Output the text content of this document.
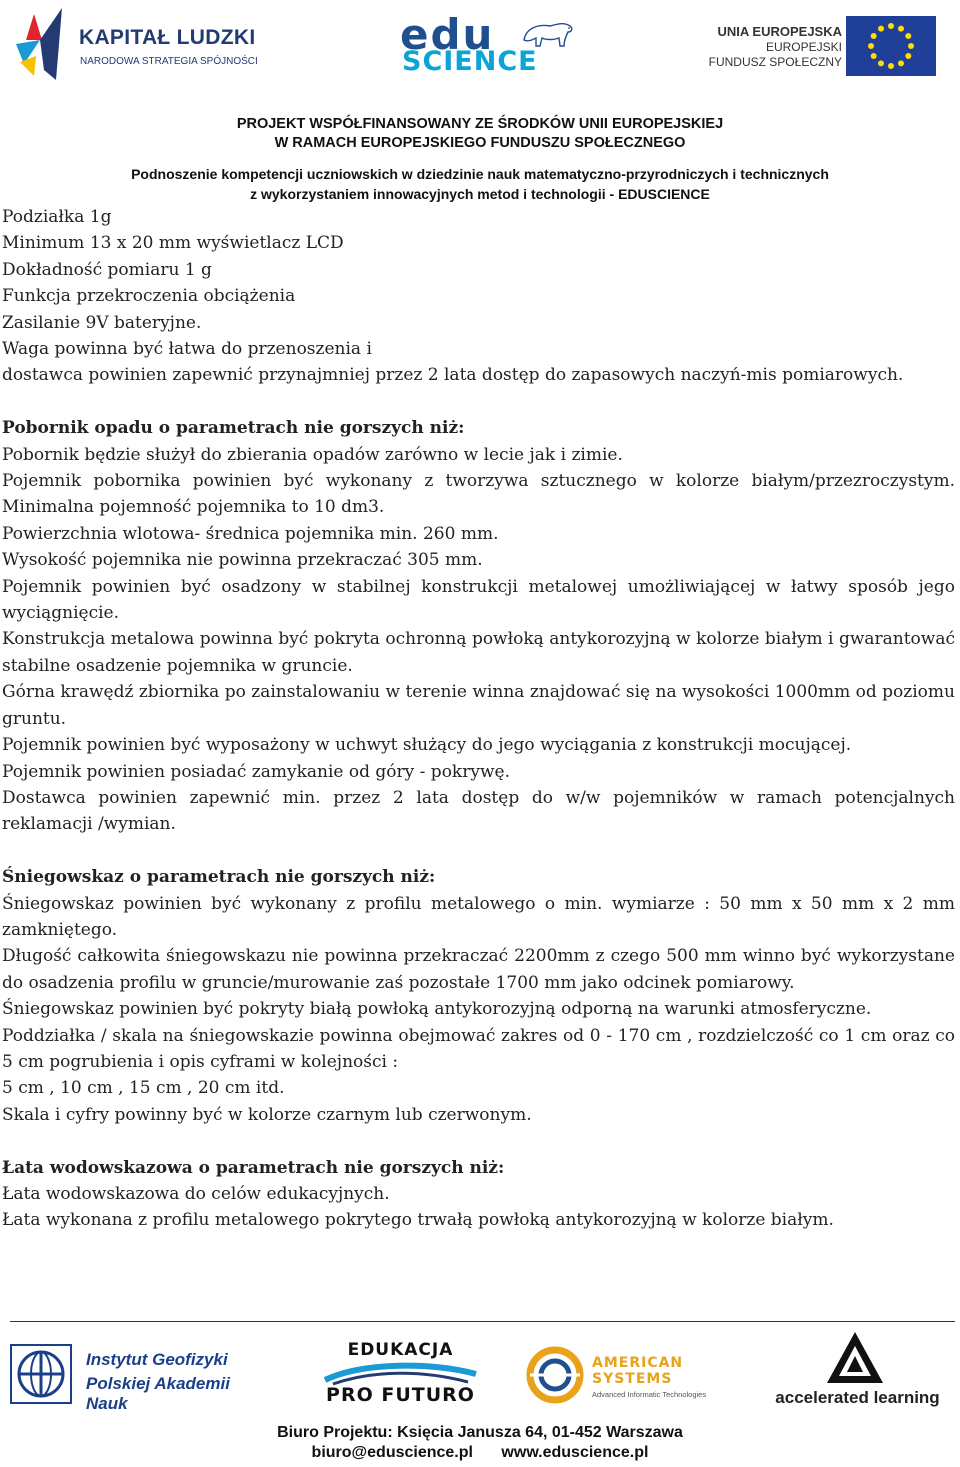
KAPITAŁ LUDZKI
NARODOWA STRATEGIA SPÓJNOŚCI
edu
SCIENCE
UNIA EUROPEJSKA
EUROPEJSKI
FUNDUSZ SPOŁECZNY
PROJEKT WSPÓŁFINANSOWANY ZE ŚRODKÓW UNII EUROPEJSKIEJ
W RAMACH EUROPEJSKIEGO FUNDUSZU SPOŁECZNEGO
Podnoszenie kompetencji uczniowskich w dziedzinie nauk matematyczno-przyrodniczych i technicznych
z wykorzystaniem innowacyjnych metod i technologii - EDUSCIENCE

Podziałka 1g

Minimum 13 x 20 mm wyświetlacz LCD

Dokładność pomiaru 1 g

Funkcja przekroczenia obciążenia

Zasilanie 9V bateryjne.

Waga powinna być łatwa do przenoszenia i

dostawca powinien zapewnić przynajmniej przez 2 lata dostęp do zapasowych naczyń-mis pomiarowych.

Pobornik opadu o parametrach nie gorszych niż:

Pobornik będzie służył do zbierania opadów zarówno w lecie jak i zimie.

Pojemnik pobornika powinien być wykonany z tworzywa sztucznego w kolorze białym/przezroczystym. Minimalna pojemność pojemnika to 10 dm3.

Powierzchnia wlotowa- średnica pojemnika min. 260 mm.

Wysokość pojemnika nie powinna przekraczać 305 mm.

Pojemnik powinien być osadzony w stabilnej konstrukcji metalowej umożliwiającej w łatwy sposób jego wyciągnięcie.

Konstrukcja metalowa powinna być pokryta ochronną powłoką antykorozyjną w kolorze białym i gwarantować stabilne osadzenie pojemnika w gruncie.

Górna krawędź zbiornika po zainstalowaniu w terenie winna znajdować się na wysokości 1000mm od poziomu gruntu.

Pojemnik powinien być wyposażony w uchwyt służący do jego wyciągania z konstrukcji mocującej.

Pojemnik powinien posiadać zamykanie od góry - pokrywę.

Dostawca powinien zapewnić min. przez 2 lata dostęp do w/w pojemników w ramach potencjalnych reklamacji /wymian.

Śniegowskaz o parametrach nie gorszych niż:

Śniegowskaz powinien być wykonany z profilu metalowego o min. wymiarze : 50 mm x 50 mm x 2 mm zamkniętego.

Długość całkowita śniegowskazu nie powinna przekraczać 2200mm z czego 500 mm winno być wykorzystane do osadzenia profilu w gruncie/murowanie zaś pozostałe 1700 mm jako odcinek pomiarowy.

Śniegowskaz powinien być pokryty białą powłoką antykorozyjną odporną na warunki atmosferyczne.

Poddziałka / skala na śniegowskazie powinna obejmować zakres od 0 - 170 cm , rozdzielczość co 1 cm oraz co 5 cm pogrubienia i opis cyframi w kolejności :

5 cm , 10 cm , 15 cm , 20 cm itd.

Skala i cyfry powinny być w kolorze czarnym lub czerwonym.

Łata wodowskazowa o parametrach nie gorszych niż:

Łata wodowskazowa do celów edukacyjnych.

Łata wykonana z profilu metalowego pokrytego trwałą powłoką antykorozyjną w kolorze białym.

Instytut Geofizyki
Polskiej Akademii Nauk
EDUKACJA
PRO FUTURO
AMERICAN
SYSTEMS
Advanced Informatic Technologies	accelerated learning
Biuro Projektu: Księcia Janusza 64, 01-452 Warszawa
biuro@eduscience.pl www.eduscience.pl
